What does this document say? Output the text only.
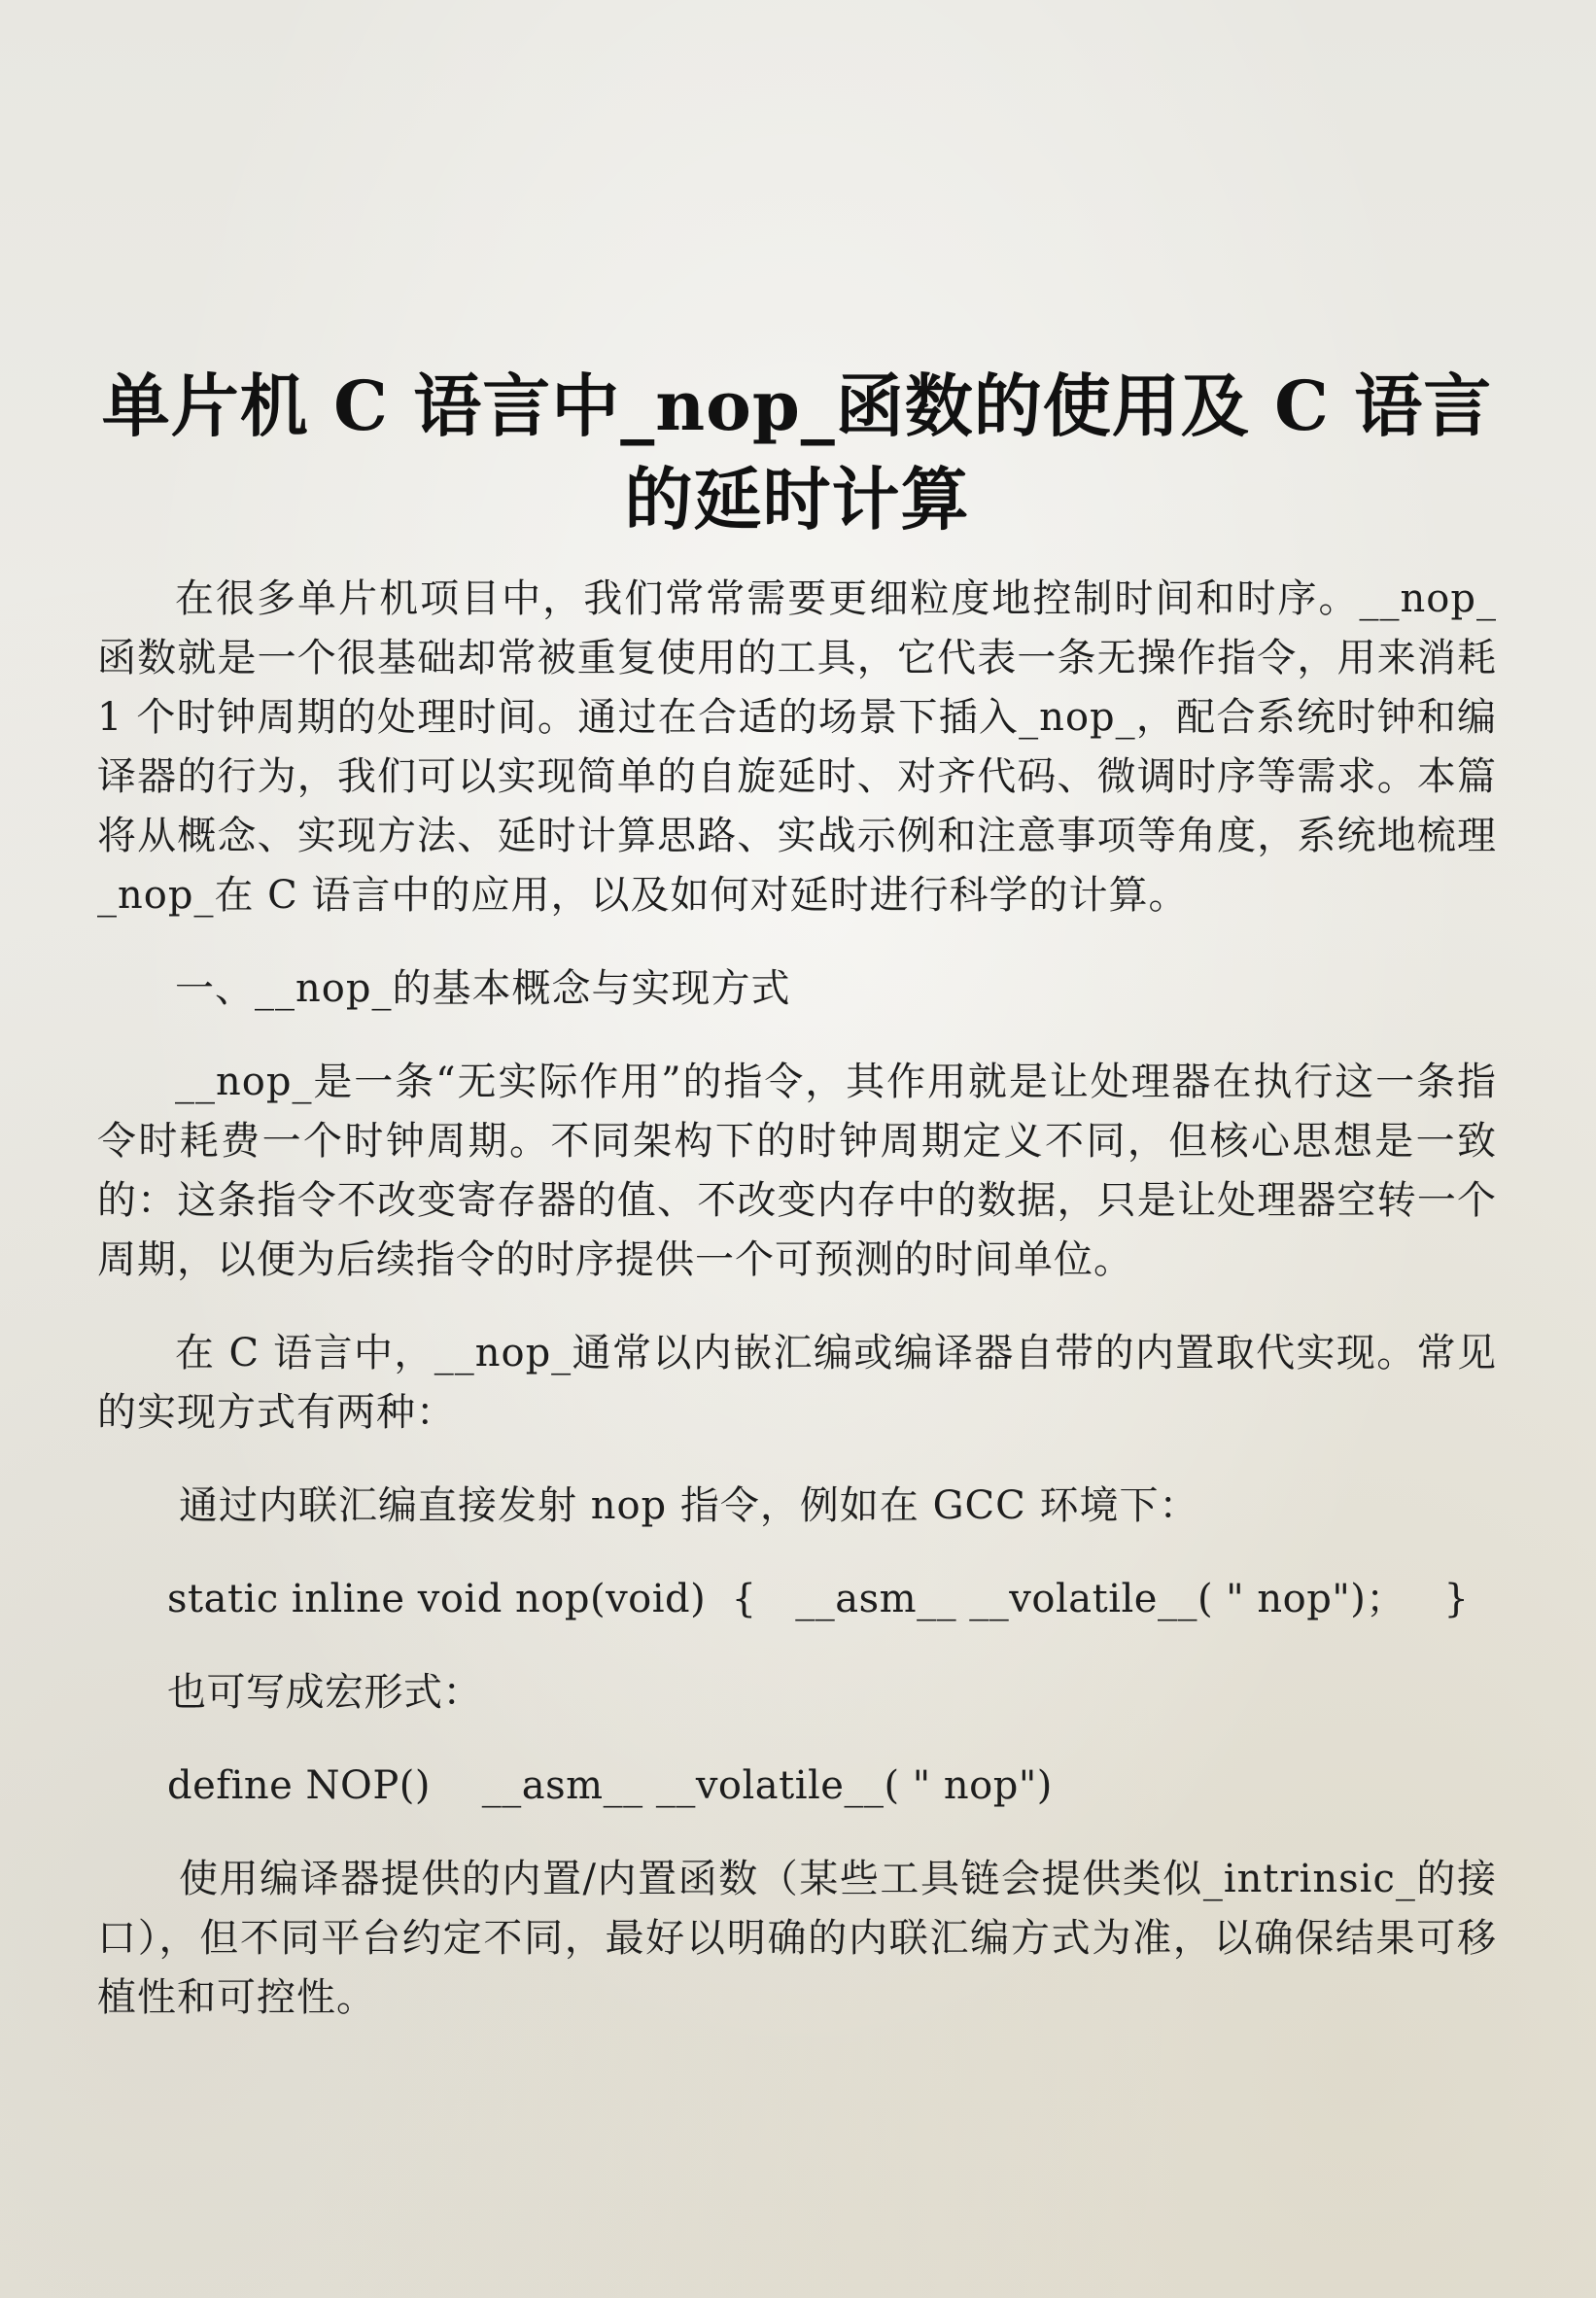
单片机 C 语言中_nop_函数的使用及 C 语言的延时计算

在很多单片机项目中，我们常常需要更细粒度地控制时间和时序。__nop_函数就是一个很基础却常被重复使用的工具，它代表一条无操作指令，用来消耗 1 个时钟周期的处理时间。通过在合适的场景下插入_nop_，配合系统时钟和编译器的行为，我们可以实现简单的自旋延时、对齐代码、微调时序等需求。本篇将从概念、实现方法、延时计算思路、实战示例和注意事项等角度，系统地梳理_nop_在 C 语言中的应用，以及如何对延时进行科学的计算。

一、__nop_的基本概念与实现方式

__nop_是一条“无实际作用”的指令，其作用就是让处理器在执行这一条指令时耗费一个时钟周期。不同架构下的时钟周期定义不同，但核心思想是一致的：这条指令不改变寄存器的值、不改变内存中的数据，只是让处理器空转一个周期，以便为后续指令的时序提供一个可预测的时间单位。

在 C 语言中，__nop_通常以内嵌汇编或编译器自带的内置取代实现。常见的实现方式有两种：

通过内联汇编直接发射 nop 指令，例如在 GCC 环境下：

static inline void nop(void)  {   __asm__ __volatile__( " nop")；   }

也可写成宏形式：

define NOP()    __asm__ __volatile__( " nop")

使用编译器提供的内置/内置函数（某些工具链会提供类似_intrinsic_的接口），但不同平台约定不同，最好以明确的内联汇编方式为准，以确保结果可移植性和可控性。
